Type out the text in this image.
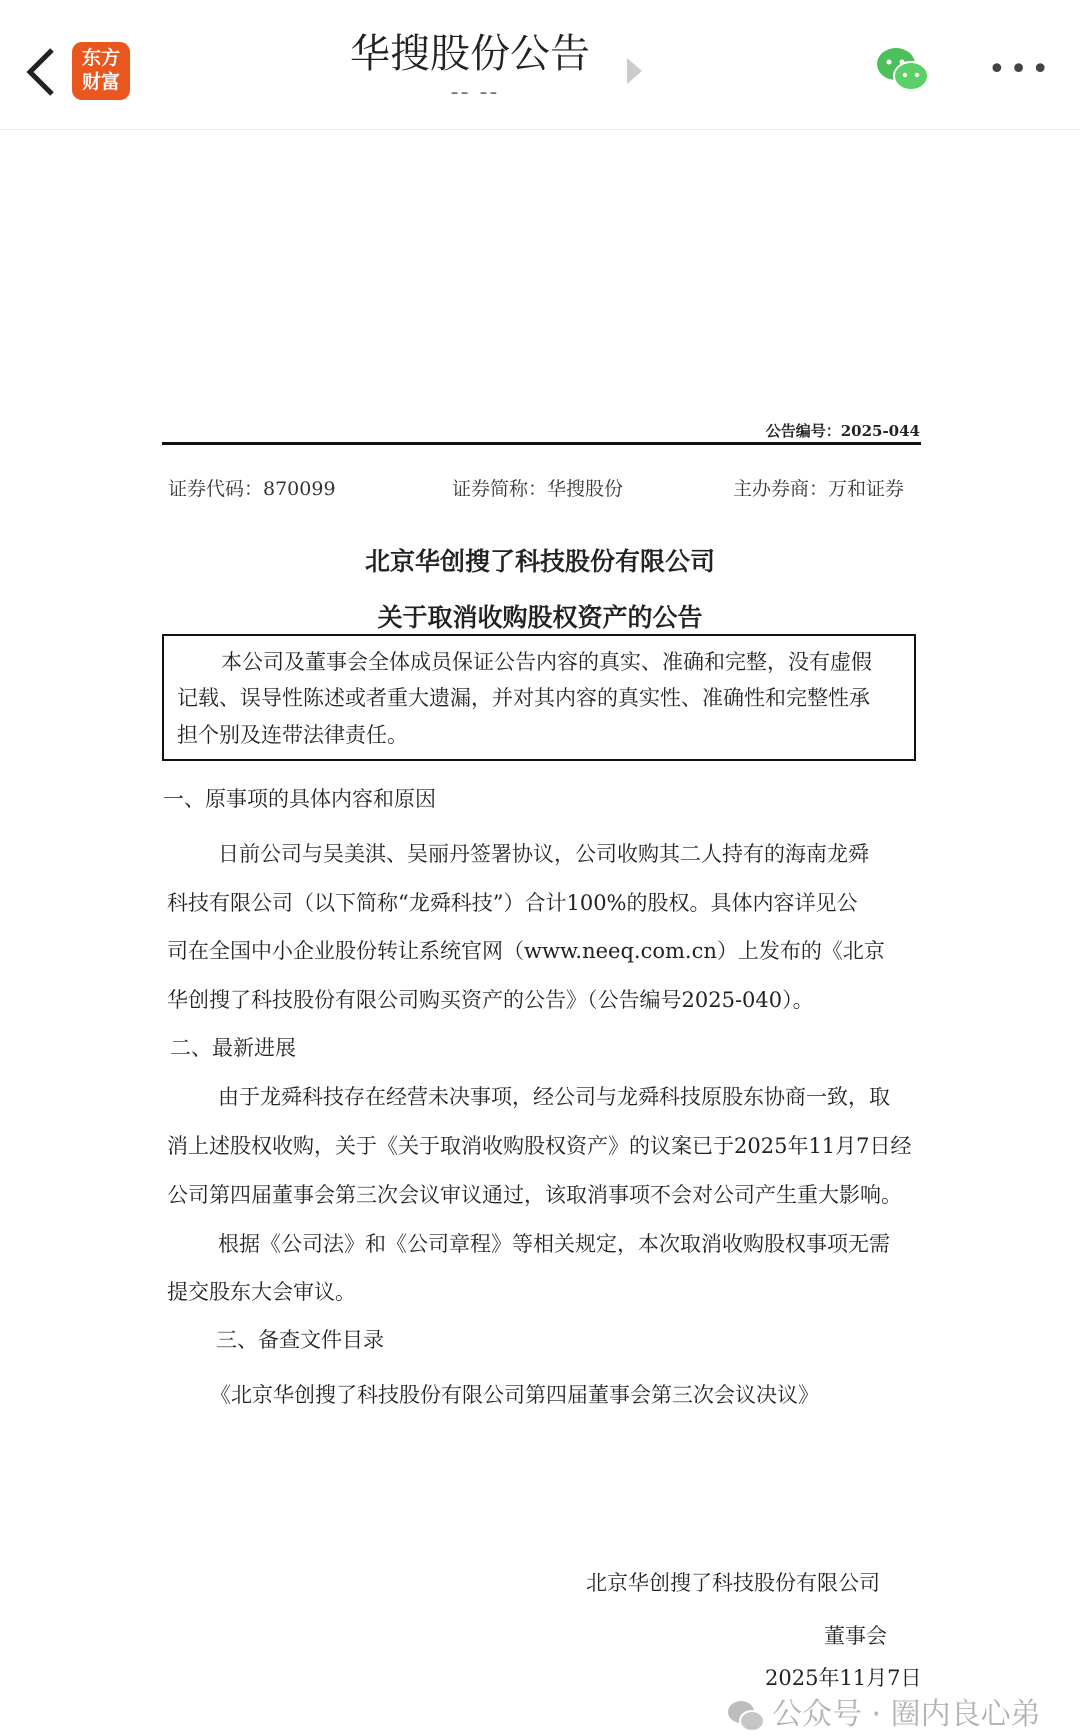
东方
财富
华搜股份公告
-- --
•••
公告编号：2025-044
证券代码：870099	证券简称：华搜股份	主办券商：万和证券
北京华创搜了科技股份有限公司
关于取消收购股权资产的公告
本公司及董事会全体成员保证公告内容的真实、准确和完整，没有虚假
记载、误导性陈述或者重大遗漏，并对其内容的真实性、准确性和完整性承
担个别及连带法律责任。
一、原事项的具体内容和原因
日前公司与吴美淇、吴丽丹签署协议，公司收购其二人持有的海南龙舜
科技有限公司（以下简称“龙舜科技”）合计100%的股权。具体内容详见公
司在全国中小企业股份转让系统官网（www.neeq.com.cn）上发布的《北京
华创搜了科技股份有限公司购买资产的公告》（公告编号2025-040）。
二、最新进展
由于龙舜科技存在经营未决事项，经公司与龙舜科技原股东协商一致，取
消上述股权收购，关于《关于取消收购股权资产》的议案已于2025年11月7日经
公司第四届董事会第三次会议审议通过，该取消事项不会对公司产生重大影响。
根据《公司法》和《公司章程》等相关规定，本次取消收购股权事项无需
提交股东大会审议。
三、备查文件目录
《北京华创搜了科技股份有限公司第四届董事会第三次会议决议》
北京华创搜了科技股份有限公司
董事会
2025年11月7日
公众号 · 圈内良心弟
